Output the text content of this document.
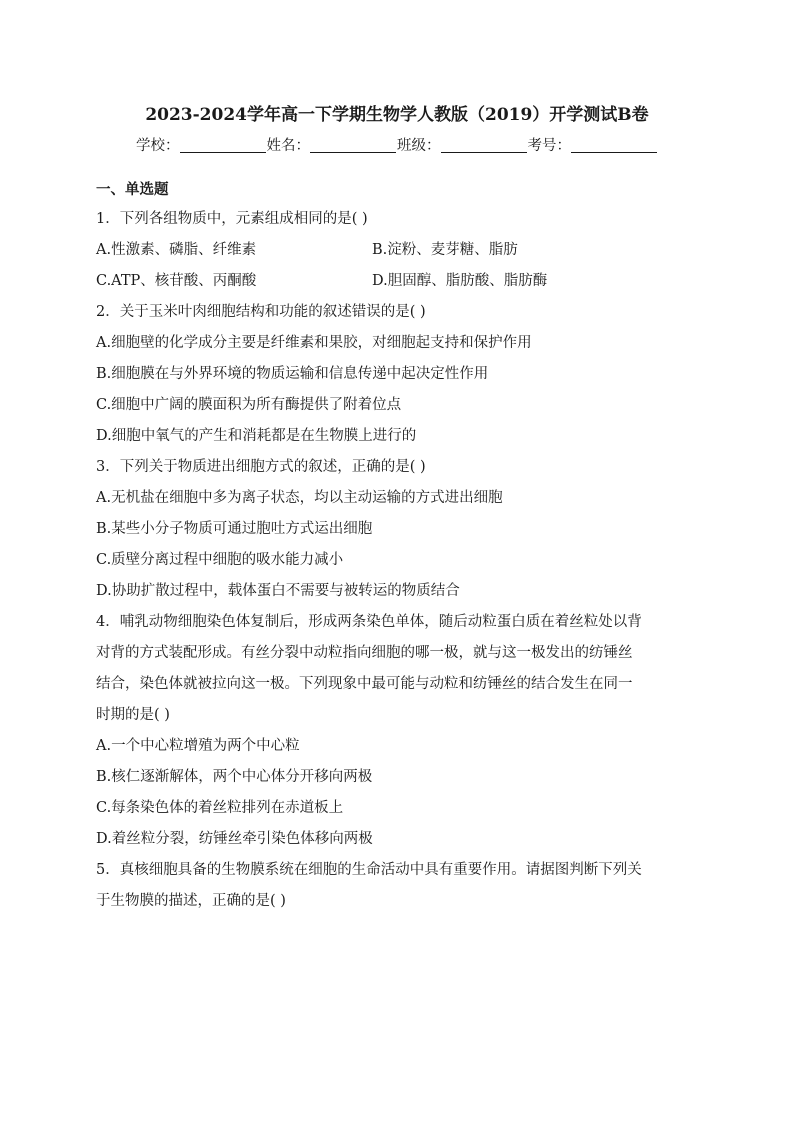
2023-2024学年高一下学期生物学人教版（2019）开学测试B卷
学校：	姓名：	班级：	考号：
一、单选题
1．下列各组物质中，元素组成相同的是( )
A.性激素、磷脂、纤维素	B.淀粉、麦芽糖、脂肪
C.ATP、核苷酸、丙酮酸	D.胆固醇、脂肪酸、脂肪酶
2．关于玉米叶肉细胞结构和功能的叙述错误的是( )
A.细胞壁的化学成分主要是纤维素和果胶，对细胞起支持和保护作用
B.细胞膜在与外界环境的物质运输和信息传递中起决定性作用
C.细胞中广阔的膜面积为所有酶提供了附着位点
D.细胞中氧气的产生和消耗都是在生物膜上进行的
3．下列关于物质进出细胞方式的叙述，正确的是( )
A.无机盐在细胞中多为离子状态，均以主动运输的方式进出细胞
B.某些小分子物质可通过胞吐方式运出细胞
C.质壁分离过程中细胞的吸水能力减小
D.协助扩散过程中，载体蛋白不需要与被转运的物质结合
4．哺乳动物细胞染色体复制后，形成两条染色单体，随后动粒蛋白质在着丝粒处以背
对背的方式装配形成。有丝分裂中动粒指向细胞的哪一极，就与这一极发出的纺锤丝
结合，染色体就被拉向这一极。下列现象中最可能与动粒和纺锤丝的结合发生在同一
时期的是( )
A.一个中心粒增殖为两个中心粒
B.核仁逐渐解体，两个中心体分开移向两极
C.每条染色体的着丝粒排列在赤道板上
D.着丝粒分裂，纺锤丝牵引染色体移向两极
5．真核细胞具备的生物膜系统在细胞的生命活动中具有重要作用。请据图判断下列关
于生物膜的描述，正确的是( )
